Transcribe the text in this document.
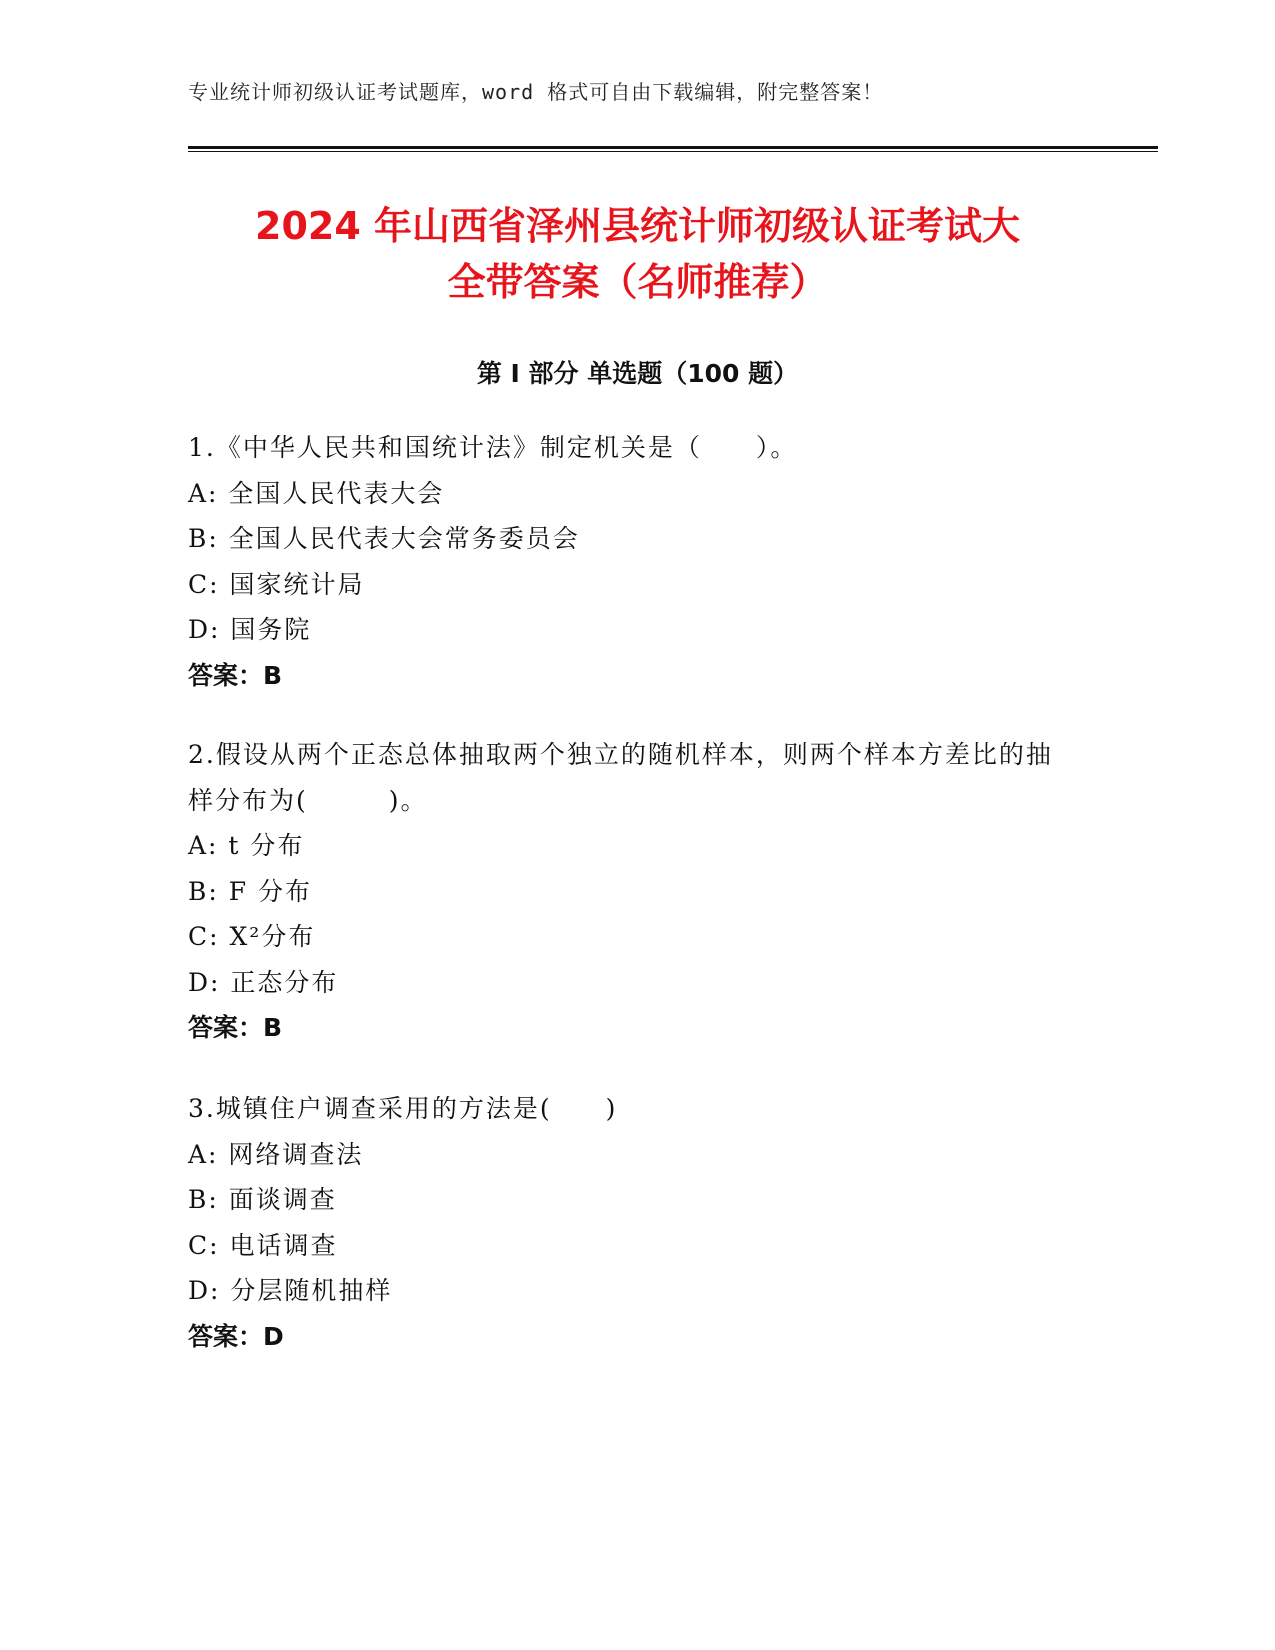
专业统计师初级认证考试题库，word 格式可自由下载编辑，附完整答案！
2024 年山西省泽州县统计师初级认证考试大
全带答案（名师推荐）
第 I 部分 单选题（100 题）
1.《中华人民共和国统计法》制定机关是（　　）。
A: 全国人民代表大会
B: 全国人民代表大会常务委员会
C: 国家统计局
D: 国务院
答案：B
2.假设从两个正态总体抽取两个独立的随机样本，则两个样本方差比的抽样分布为(　　　)。
A: t 分布
B: F 分布
C: X²分布
D: 正态分布
答案：B
3.城镇住户调查采用的方法是(　　)
A: 网络调查法
B: 面谈调查
C: 电话调查
D: 分层随机抽样
答案：D
